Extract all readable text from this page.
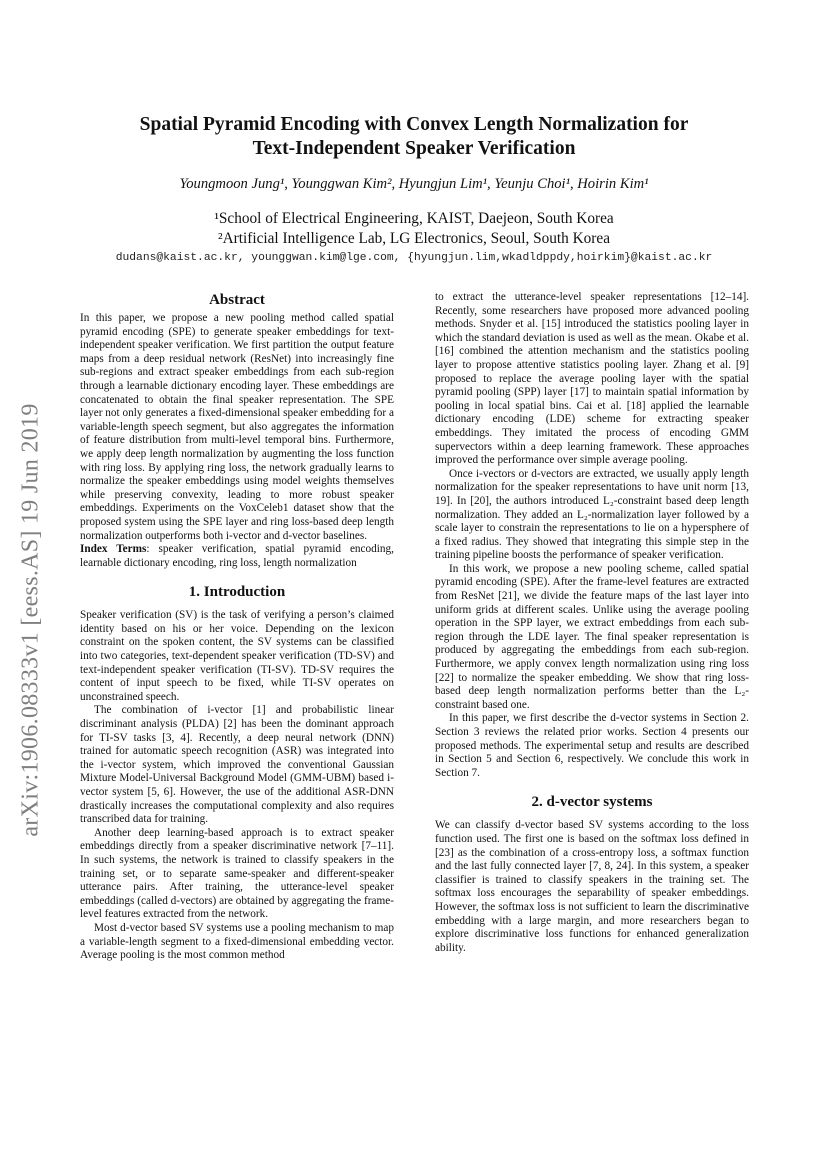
arXiv:1906.08333v1 [eess.AS] 19 Jun 2019
Spatial Pyramid Encoding with Convex Length Normalization for
Text-Independent Speaker Verification
Youngmoon Jung¹, Younggwan Kim², Hyungjun Lim¹, Yeunju Choi¹, Hoirin Kim¹
¹School of Electrical Engineering, KAIST, Daejeon, South Korea
²Artificial Intelligence Lab, LG Electronics, Seoul, South Korea
dudans@kaist.ac.kr, younggwan.kim@lge.com, {hyungjun.lim,wkadldppdy,hoirkim}@kaist.ac.kr
Abstract

In this paper, we propose a new pooling method called spatial pyramid encoding (SPE) to generate speaker embeddings for text-independent speaker verification. We first partition the output feature maps from a deep residual network (ResNet) into increasingly fine sub-regions and extract speaker embeddings from each sub-region through a learnable dictionary encoding layer. These embeddings are concatenated to obtain the final speaker representation. The SPE layer not only generates a fixed-dimensional speaker embedding for a variable-length speech segment, but also aggregates the information of feature distribution from multi-level temporal bins. Furthermore, we apply deep length normalization by augmenting the loss function with ring loss. By applying ring loss, the network gradually learns to normalize the speaker embeddings using model weights themselves while preserving convexity, leading to more robust speaker embeddings. Experiments on the VoxCeleb1 dataset show that the proposed system using the SPE layer and ring loss-based deep length normalization outperforms both i-vector and d-vector baselines.

Index Terms: speaker verification, spatial pyramid encoding, learnable dictionary encoding, ring loss, length normalization

1. Introduction

Speaker verification (SV) is the task of verifying a person’s claimed identity based on his or her voice. Depending on the lexicon constraint on the spoken content, the SV systems can be classified into two categories, text-dependent speaker verification (TD-SV) and text-independent speaker verification (TI-SV). TD-SV requires the content of input speech to be fixed, while TI-SV operates on unconstrained speech.

The combination of i-vector [1] and probabilistic linear discriminant analysis (PLDA) [2] has been the dominant approach for TI-SV tasks [3, 4]. Recently, a deep neural network (DNN) trained for automatic speech recognition (ASR) was integrated into the i-vector system, which improved the conventional Gaussian Mixture Model-Universal Background Model (GMM-UBM) based i-vector system [5, 6]. However, the use of the additional ASR-DNN drastically increases the computational complexity and also requires transcribed data for training.

Another deep learning-based approach is to extract speaker embeddings directly from a speaker discriminative network [7–11]. In such systems, the network is trained to classify speakers in the training set, or to separate same-speaker and different-speaker utterance pairs. After training, the utterance-level speaker embeddings (called d-vectors) are obtained by aggregating the frame-level features extracted from the network.

Most d-vector based SV systems use a pooling mechanism to map a variable-length segment to a fixed-dimensional embedding vector. Average pooling is the most common method

to extract the utterance-level speaker representations [12–14]. Recently, some researchers have proposed more advanced pooling methods. Snyder et al. [15] introduced the statistics pooling layer in which the standard deviation is used as well as the mean. Okabe et al. [16] combined the attention mechanism and the statistics pooling layer to propose attentive statistics pooling layer. Zhang et al. [9] proposed to replace the average pooling layer with the spatial pyramid pooling (SPP) layer [17] to maintain spatial information by pooling in local spatial bins. Cai et al. [18] applied the learnable dictionary encoding (LDE) scheme for extracting speaker embeddings. They imitated the process of encoding GMM supervectors within a deep learning framework. These approaches improved the performance over simple average pooling.

Once i-vectors or d-vectors are extracted, we usually apply length normalization for the speaker representations to have unit norm [13, 19]. In [20], the authors introduced L₂-constraint based deep length normalization. They added an L₂-normalization layer followed by a scale layer to constrain the representations to lie on a hypersphere of a fixed radius. They showed that integrating this simple step in the training pipeline boosts the performance of speaker verification.

In this work, we propose a new pooling scheme, called spatial pyramid encoding (SPE). After the frame-level features are extracted from ResNet [21], we divide the feature maps of the last layer into uniform grids at different scales. Unlike using the average pooling operation in the SPP layer, we extract embeddings from each sub-region through the LDE layer. The final speaker representation is produced by aggregating the embeddings from each sub-region. Furthermore, we apply convex length normalization using ring loss [22] to normalize the speaker embedding. We show that ring loss-based deep length normalization performs better than the L₂-constraint based one.

In this paper, we first describe the d-vector systems in Section 2. Section 3 reviews the related prior works. Section 4 presents our proposed methods. The experimental setup and results are described in Section 5 and Section 6, respectively. We conclude this work in Section 7.

2. d-vector systems

We can classify d-vector based SV systems according to the loss function used. The first one is based on the softmax loss defined in [23] as the combination of a cross-entropy loss, a softmax function and the last fully connected layer [7, 8, 24]. In this system, a speaker classifier is trained to classify speakers in the training set. The softmax loss encourages the separability of speaker embeddings. However, the softmax loss is not sufficient to learn the discriminative embedding with a large margin, and more researchers began to explore discriminative loss functions for enhanced generalization ability.
